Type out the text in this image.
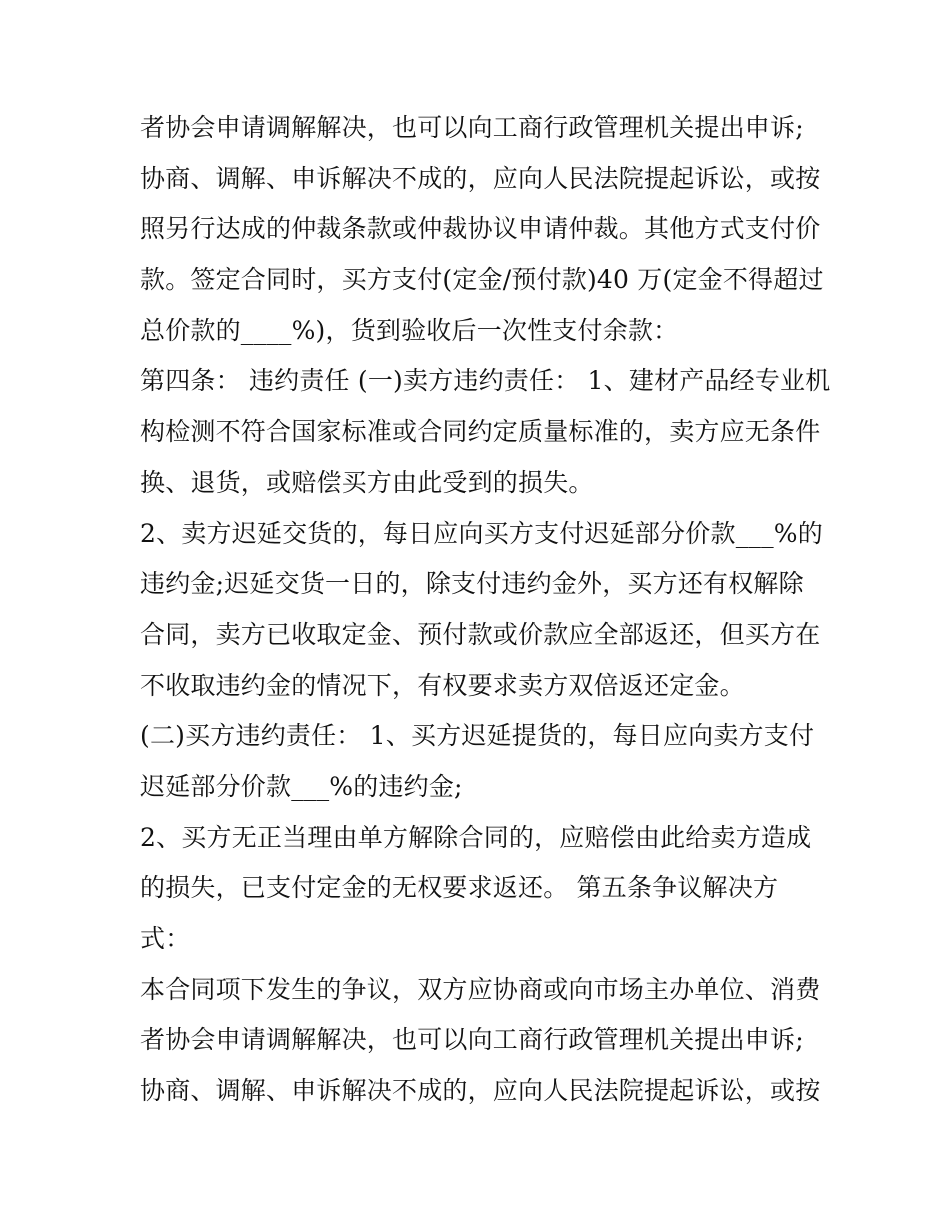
者协会申请调解解决，也可以向工商行政管理机关提出申诉;
协商、调解、申诉解决不成的，应向人民法院提起诉讼，或按
照另行达成的仲裁条款或仲裁协议申请仲裁。其他方式支付价
款。签定合同时，买方支付(定金/预付款)40 万(定金不得超过
总价款的____%)，货到验收后一次性支付余款：
第四条： 违约责任 (一)卖方违约责任： 1、建材产品经专业机
构检测不符合国家标准或合同约定质量标准的，卖方应无条件
换、退货，或赔偿买方由此受到的损失。
2、卖方迟延交货的，每日应向买方支付迟延部分价款___%的
违约金;迟延交货一日的，除支付违约金外，买方还有权解除
合同，卖方已收取定金、预付款或价款应全部返还，但买方在
不收取违约金的情况下，有权要求卖方双倍返还定金。
(二)买方违约责任： 1、买方迟延提货的，每日应向卖方支付
迟延部分价款___%的违约金;
2、买方无正当理由单方解除合同的，应赔偿由此给卖方造成
的损失，已支付定金的无权要求返还。 第五条争议解决方
式：
本合同项下发生的争议，双方应协商或向市场主办单位、消费
者协会申请调解解决，也可以向工商行政管理机关提出申诉;
协商、调解、申诉解决不成的，应向人民法院提起诉讼，或按
